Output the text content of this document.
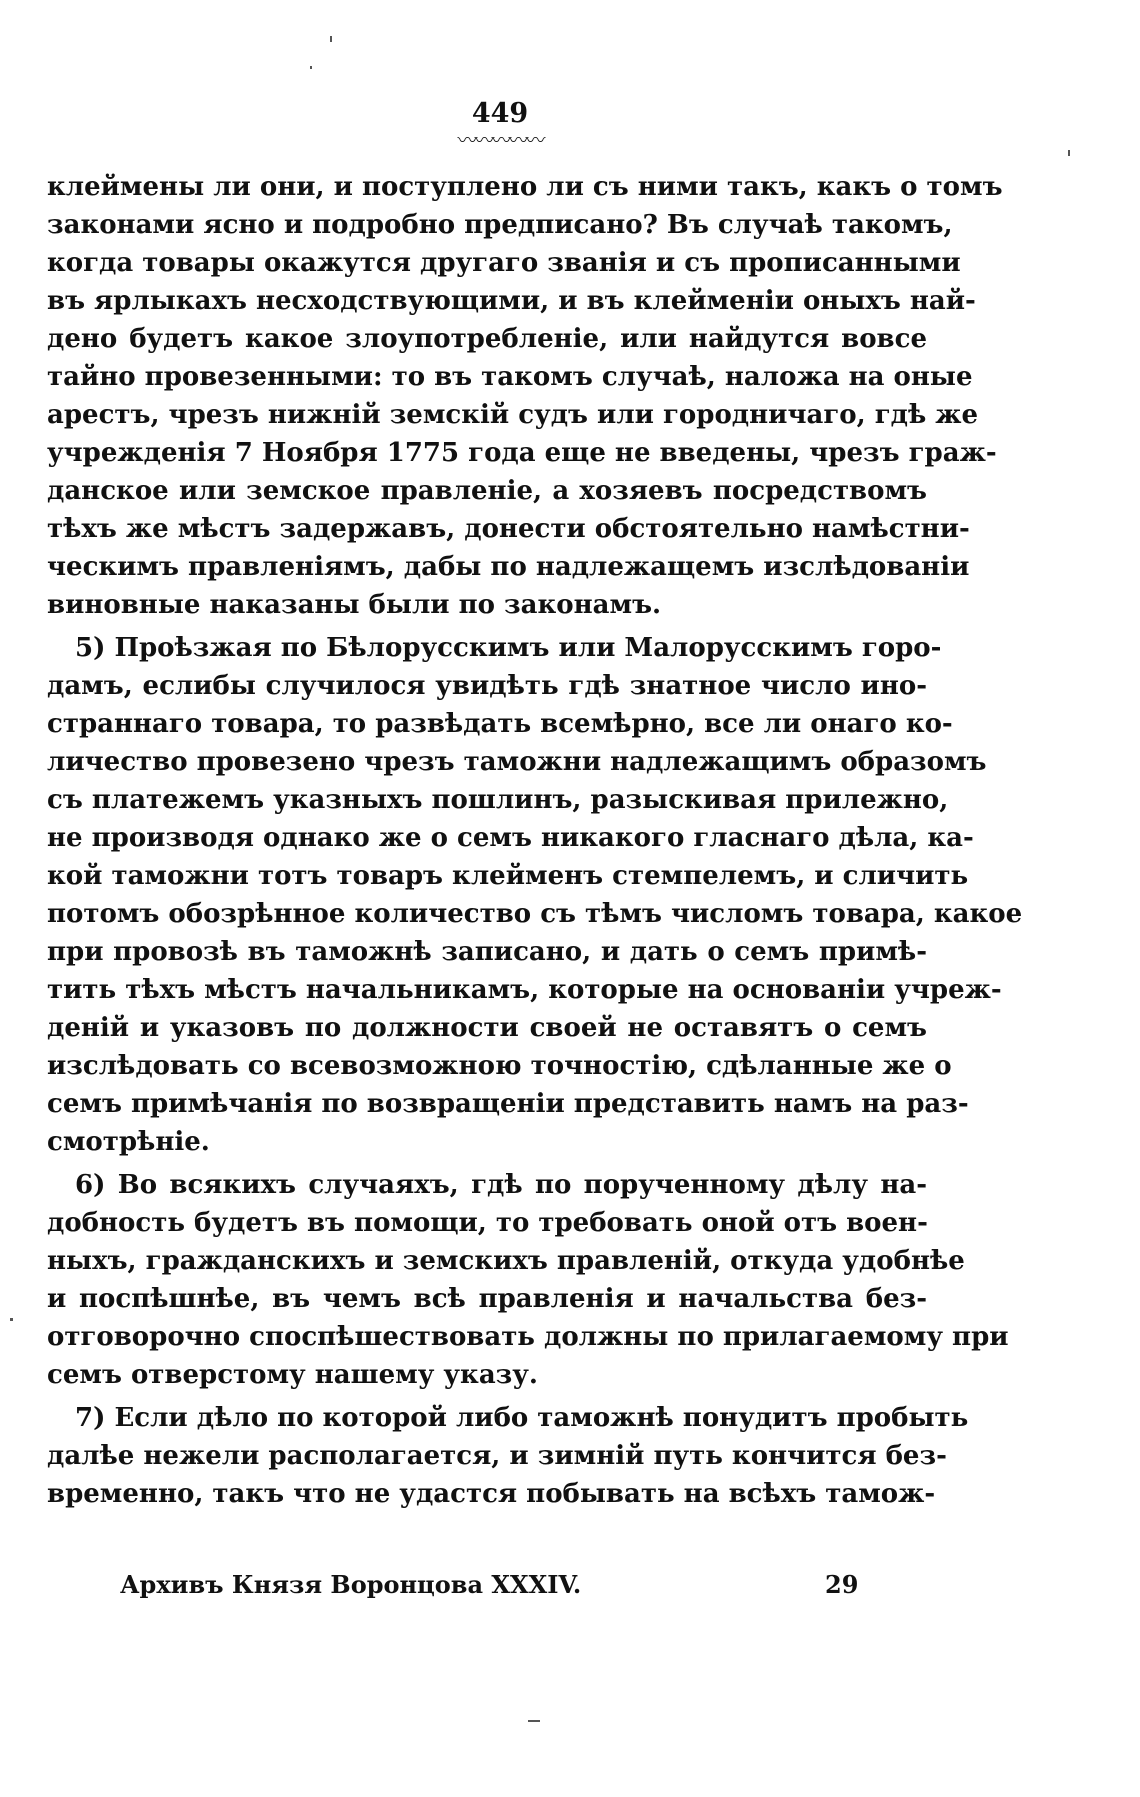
449
〰〰〰〰〰
клеймены ли они, и поступлено ли съ ними такъ, какъ о томъ
законами ясно и подробно предписано? Въ случаѣ такомъ,
когда товары окажутся другаго званія и съ прописанными
въ ярлыкахъ несходствующими, и въ клейменіи оныхъ най-
дено будетъ какое злоупотребленіе, или найдутся вовсе
тайно провезенными: то въ такомъ случаѣ, наложа на оные
арестъ, чрезъ нижній земскій судъ или городничаго, гдѣ же
учрежденія 7 Ноября 1775 года еще не введены, чрезъ граж-
данское или земское правленіе, а хозяевъ посредствомъ
тѣхъ же мѣстъ задержавъ, донести обстоятельно намѣстни-
ческимъ правленіямъ, дабы по надлежащемъ изслѣдованіи
виновные наказаны были по законамъ.
5) Проѣзжая по Бѣлорусскимъ или Малорусскимъ горо-
дамъ, еслибы случилося увидѣть гдѣ знатное число ино-
страннаго товара, то развѣдать всемѣрно, все ли онаго ко-
личество провезено чрезъ таможни надлежащимъ образомъ
съ платежемъ указныхъ пошлинъ, разыскивая прилежно,
не производя однако же о семъ никакого гласнаго дѣла, ка-
кой таможни тотъ товаръ клейменъ стемпелемъ, и сличить
потомъ обозрѣнное количество съ тѣмъ числомъ товара, какое
при провозѣ въ таможнѣ записано, и дать о семъ примѣ-
тить тѣхъ мѣстъ начальникамъ, которые на основаніи учреж-
деній и указовъ по должности своей не оставятъ о семъ
изслѣдовать со всевозможною точностію, сдѣланные же о
семъ примѣчанія по возвращеніи представить намъ на раз-
смотрѣніе.
6) Во всякихъ случаяхъ, гдѣ по порученному дѣлу на-
добность будетъ въ помощи, то требовать оной отъ воен-
ныхъ, гражданскихъ и земскихъ правленій, откуда удобнѣе
и поспѣшнѣе, въ чемъ всѣ правленія и начальства без-
отговорочно споспѣшествовать должны по прилагаемому при
семъ отверстому нашему указу.
7) Если дѣло по которой либо таможнѣ понудитъ пробыть
далѣе нежели располагается, и зимній путь кончится без-
временно, такъ что не удастся побывать на всѣхъ тамож-
Архивъ Князя Воронцова XXXIV.	29
